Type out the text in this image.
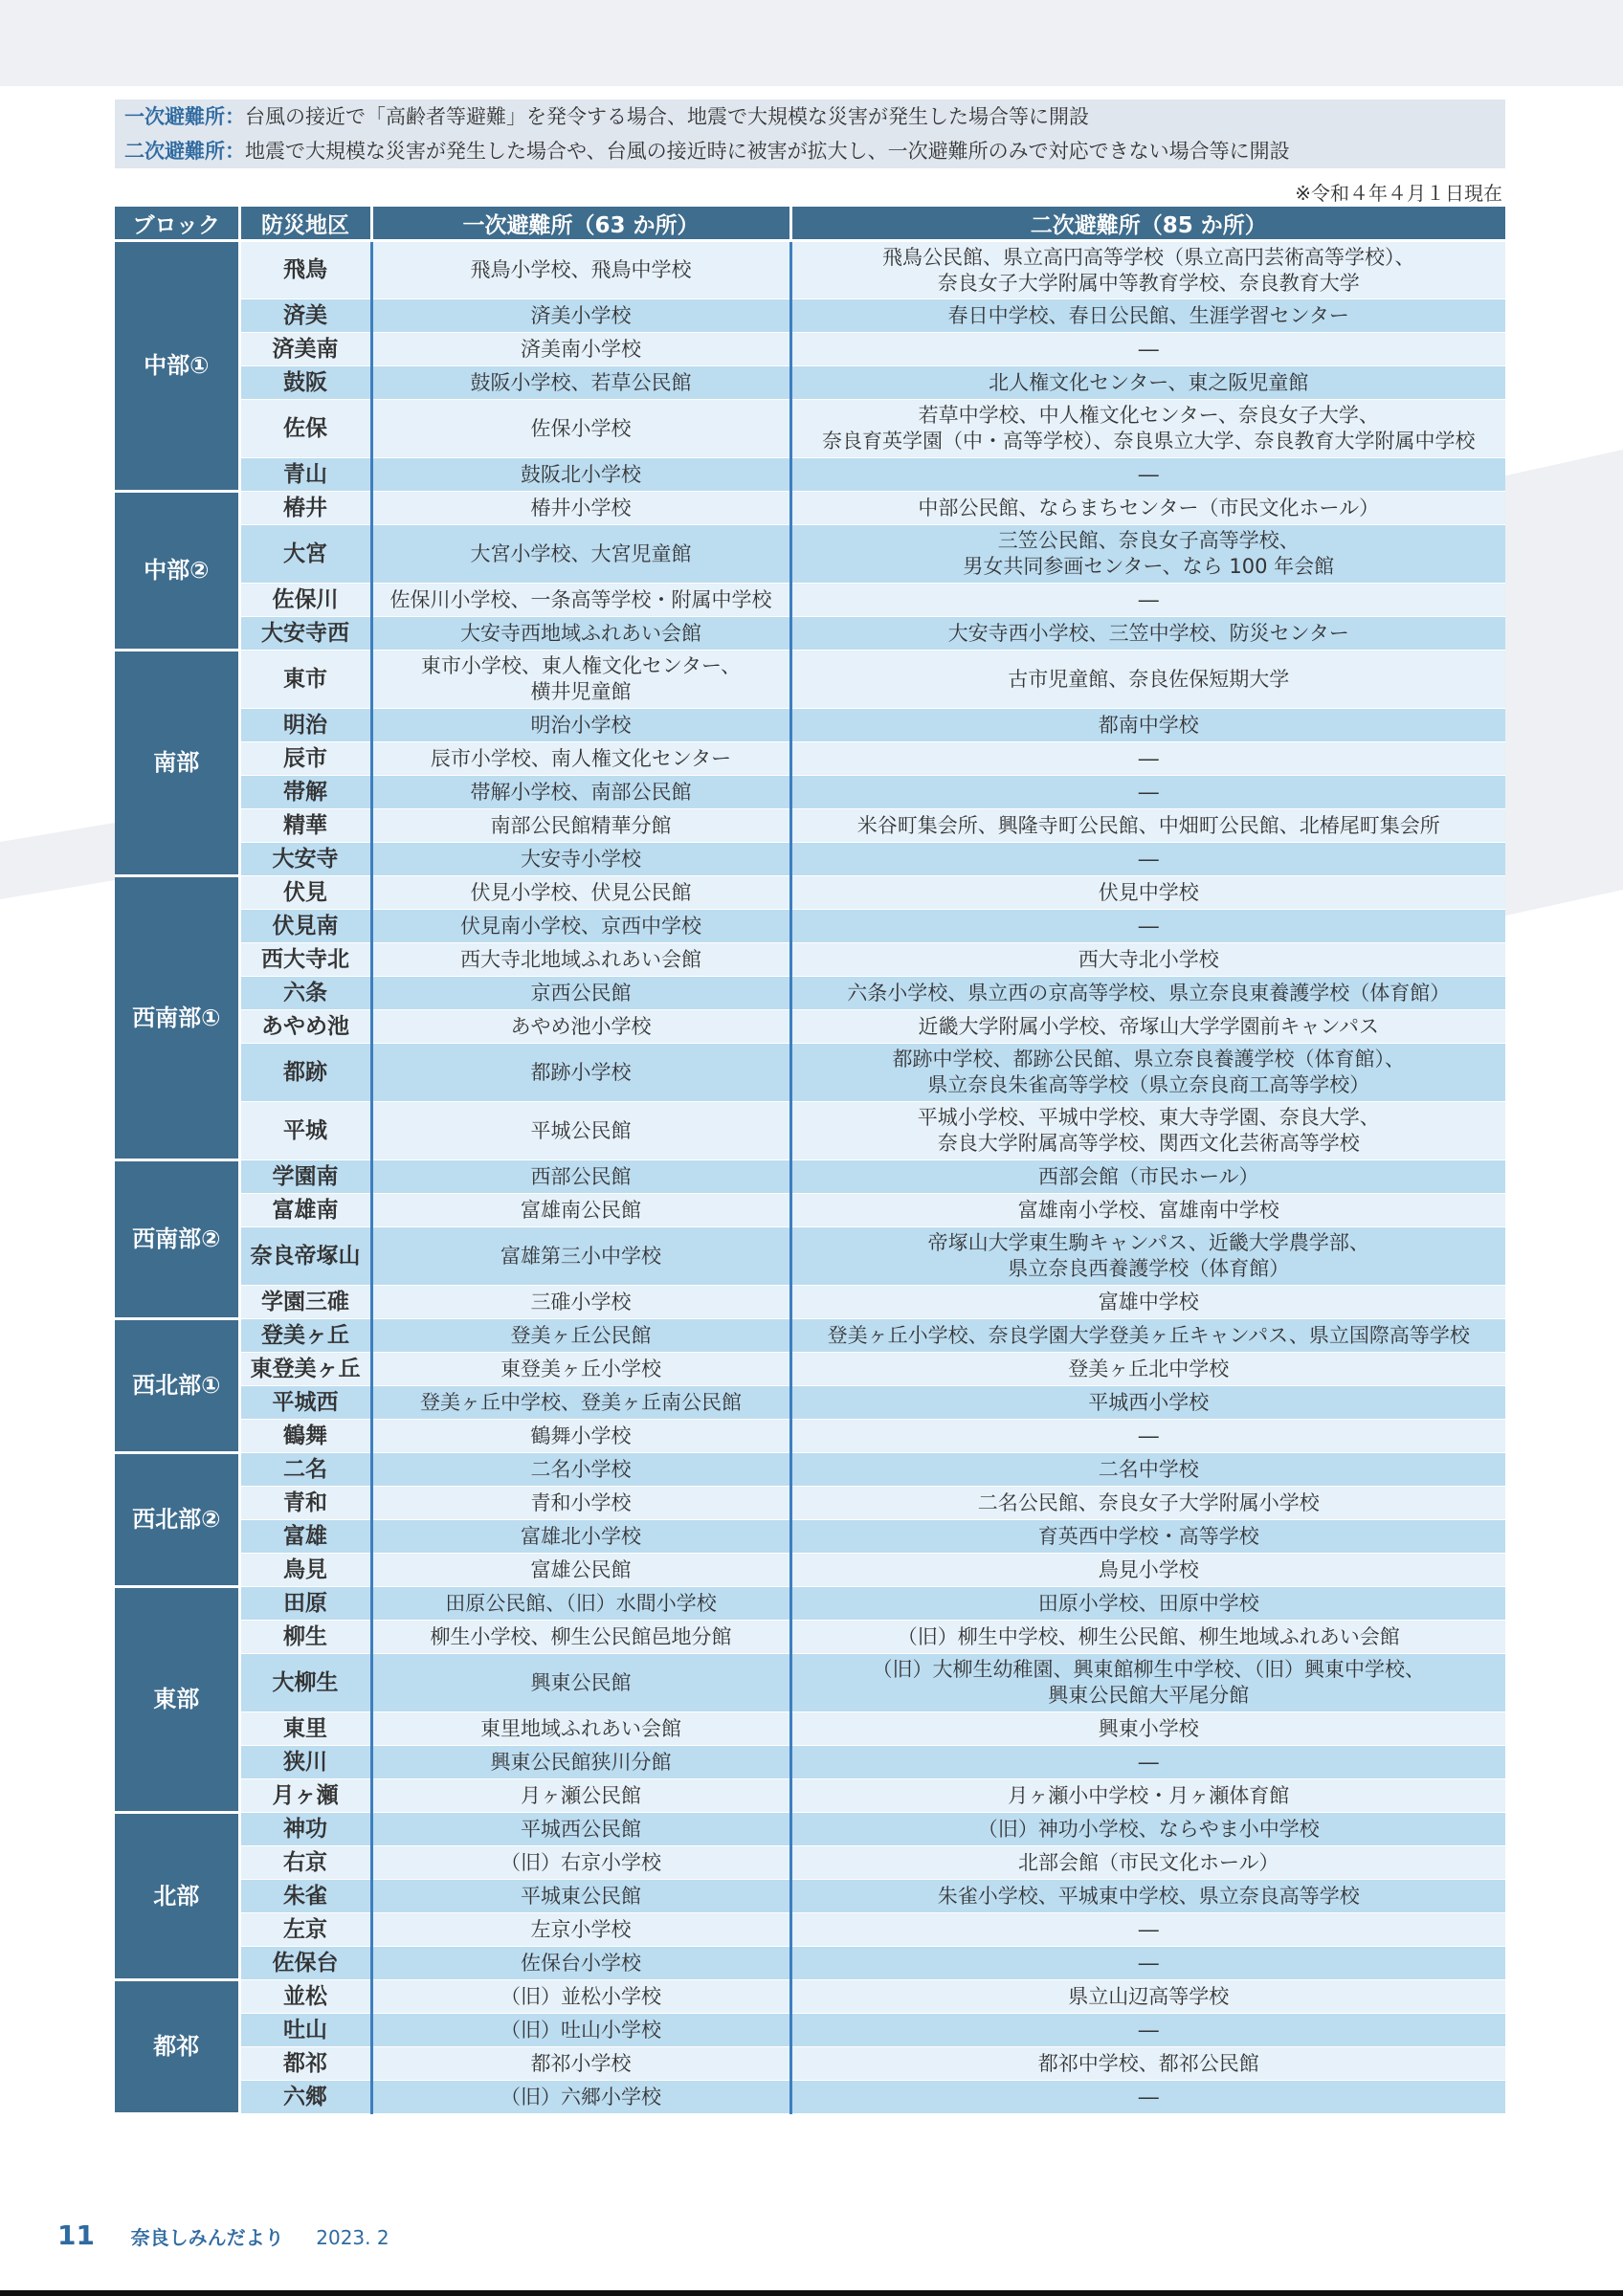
一次避難所：台風の接近で「高齢者等避難」を発令する場合、地震で大規模な災害が発生した場合等に開設
二次避難所：地震で大規模な災害が発生した場合や、台風の接近時に被害が拡大し、一次避難所のみで対応できない場合等に開設
※令和４年４月１日現在
ブロック	防災地区	一次避難所（63 か所）	二次避難所（85 か所）
中部①	飛鳥	飛鳥小学校、飛鳥中学校	飛鳥公民館、県立高円高等学校（県立高円芸術高等学校）、
奈良女子大学附属中等教育学校、奈良教育大学

	済美	済美小学校	春日中学校、春日公民館、生涯学習センター

	済美南	済美南小学校	―

	鼓阪	鼓阪小学校、若草公民館	北人権文化センター、東之阪児童館

	佐保	佐保小学校	若草中学校、中人権文化センター、奈良女子大学、
奈良育英学園（中・高等学校）、奈良県立大学、奈良教育大学附属中学校

	青山	鼓阪北小学校	―

中部②	椿井	椿井小学校	中部公民館、ならまちセンター（市民文化ホール）

	大宮	大宮小学校、大宮児童館	三笠公民館、奈良女子高等学校、
男女共同参画センター、なら 100 年会館

	佐保川	佐保川小学校、一条高等学校・附属中学校	―

	大安寺西	大安寺西地域ふれあい会館	大安寺西小学校、三笠中学校、防災センター

南部	東市	東市小学校、東人権文化センター、
横井児童館	古市児童館、奈良佐保短期大学

	明治	明治小学校	都南中学校

	辰市	辰市小学校、南人権文化センター	―

	帯解	帯解小学校、南部公民館	―

	精華	南部公民館精華分館	米谷町集会所、興隆寺町公民館、中畑町公民館、北椿尾町集会所

	大安寺	大安寺小学校	―

西南部①	伏見	伏見小学校、伏見公民館	伏見中学校

	伏見南	伏見南小学校、京西中学校	―

	西大寺北	西大寺北地域ふれあい会館	西大寺北小学校

	六条	京西公民館	六条小学校、県立西の京高等学校、県立奈良東養護学校（体育館）

	あやめ池	あやめ池小学校	近畿大学附属小学校、帝塚山大学学園前キャンパス

	都跡	都跡小学校	都跡中学校、都跡公民館、県立奈良養護学校（体育館）、
県立奈良朱雀高等学校（県立奈良商工高等学校）

	平城	平城公民館	平城小学校、平城中学校、東大寺学園、奈良大学、
奈良大学附属高等学校、関西文化芸術高等学校

西南部②	学園南	西部公民館	西部会館（市民ホール）

	富雄南	富雄南公民館	富雄南小学校、富雄南中学校

	奈良帝塚山	富雄第三小中学校	帝塚山大学東生駒キャンパス、近畿大学農学部、
県立奈良西養護学校（体育館）

	学園三碓	三碓小学校	富雄中学校

西北部①	登美ヶ丘	登美ヶ丘公民館	登美ヶ丘小学校、奈良学園大学登美ヶ丘キャンパス、県立国際高等学校

	東登美ヶ丘	東登美ヶ丘小学校	登美ヶ丘北中学校

	平城西	登美ヶ丘中学校、登美ヶ丘南公民館	平城西小学校

	鶴舞	鶴舞小学校	―

西北部②	二名	二名小学校	二名中学校

	青和	青和小学校	二名公民館、奈良女子大学附属小学校

	富雄	富雄北小学校	育英西中学校・高等学校

	鳥見	富雄公民館	鳥見小学校

東部	田原	田原公民館、（旧）水間小学校	田原小学校、田原中学校

	柳生	柳生小学校、柳生公民館邑地分館	（旧）柳生中学校、柳生公民館、柳生地域ふれあい会館

	大柳生	興東公民館	（旧）大柳生幼稚園、興東館柳生中学校、（旧）興東中学校、
興東公民館大平尾分館

	東里	東里地域ふれあい会館	興東小学校

	狭川	興東公民館狭川分館	―

	月ヶ瀬	月ヶ瀬公民館	月ヶ瀬小中学校・月ヶ瀬体育館

北部	神功	平城西公民館	（旧）神功小学校、ならやま小中学校

	右京	（旧）右京小学校	北部会館（市民文化ホール）

	朱雀	平城東公民館	朱雀小学校、平城東中学校、県立奈良高等学校

	左京	左京小学校	―

	佐保台	佐保台小学校	―

都祁	並松	（旧）並松小学校	県立山辺高等学校

	吐山	（旧）吐山小学校	―

	都祁	都祁小学校	都祁中学校、都祁公民館

	六郷	（旧）六郷小学校	―
11 奈良しみんだより 2023. 2
